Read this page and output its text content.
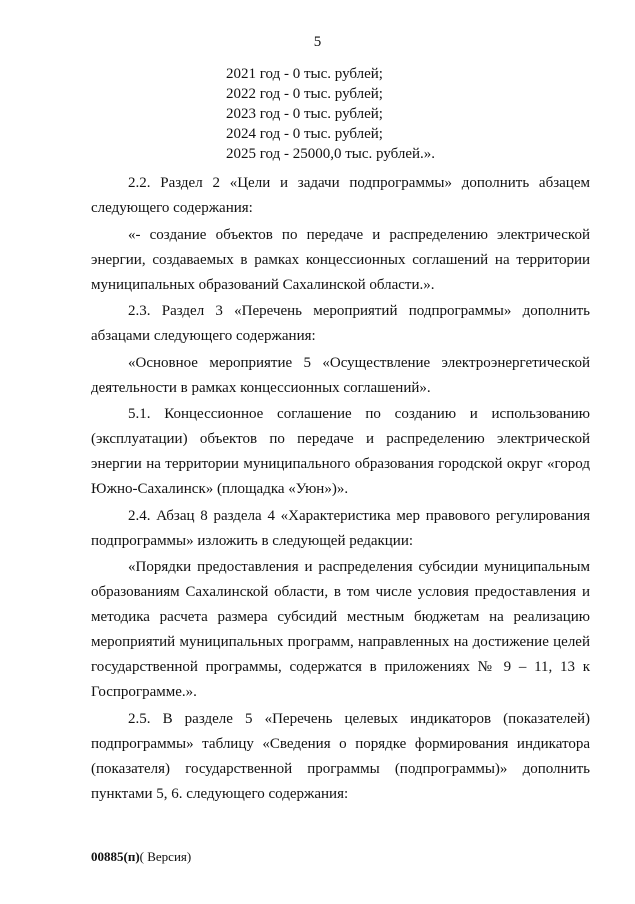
5
2021 год - 0 тыс. рублей;
2022 год - 0 тыс. рублей;
2023 год - 0 тыс. рублей;
2024 год - 0 тыс. рублей;
2025 год - 25000,0 тыс. рублей.».

2.2. Раздел 2 «Цели и задачи подпрограммы» дополнить абзацем следующего содержания:

«- создание объектов по передаче и распределению электрической энергии, создаваемых в рамках концессионных соглашений на территории муниципальных образований Сахалинской области.».

2.3. Раздел 3 «Перечень мероприятий подпрограммы» дополнить абзацами следующего содержания:

«Основное мероприятие 5 «Осуществление электроэнергетической деятельности в рамках концессионных соглашений».

5.1. Концессионное соглашение по созданию и использованию (эксплуатации) объектов по передаче и распределению электрической энергии на территории муниципального образования городской округ «город Южно-Сахалинск» (площадка «Уюн»)».

2.4. Абзац 8 раздела 4 «Характеристика мер правового регулирования подпрограммы» изложить в следующей редакции:

«Порядки предоставления и распределения субсидии муниципальным образованиям Сахалинской области, в том числе условия предоставления и методика расчета размера субсидий местным бюджетам на реализацию мероприятий муниципальных программ, направленных на достижение целей государственной программы, содержатся в приложениях № 9 – 11, 13 к Госпрограмме.».

2.5. В разделе 5 «Перечень целевых индикаторов (показателей) подпрограммы» таблицу «Сведения о порядке формирования индикатора (показателя) государственной программы (подпрограммы)» дополнить пунктами 5, 6. следующего содержания:

00885(п)( Версия)
